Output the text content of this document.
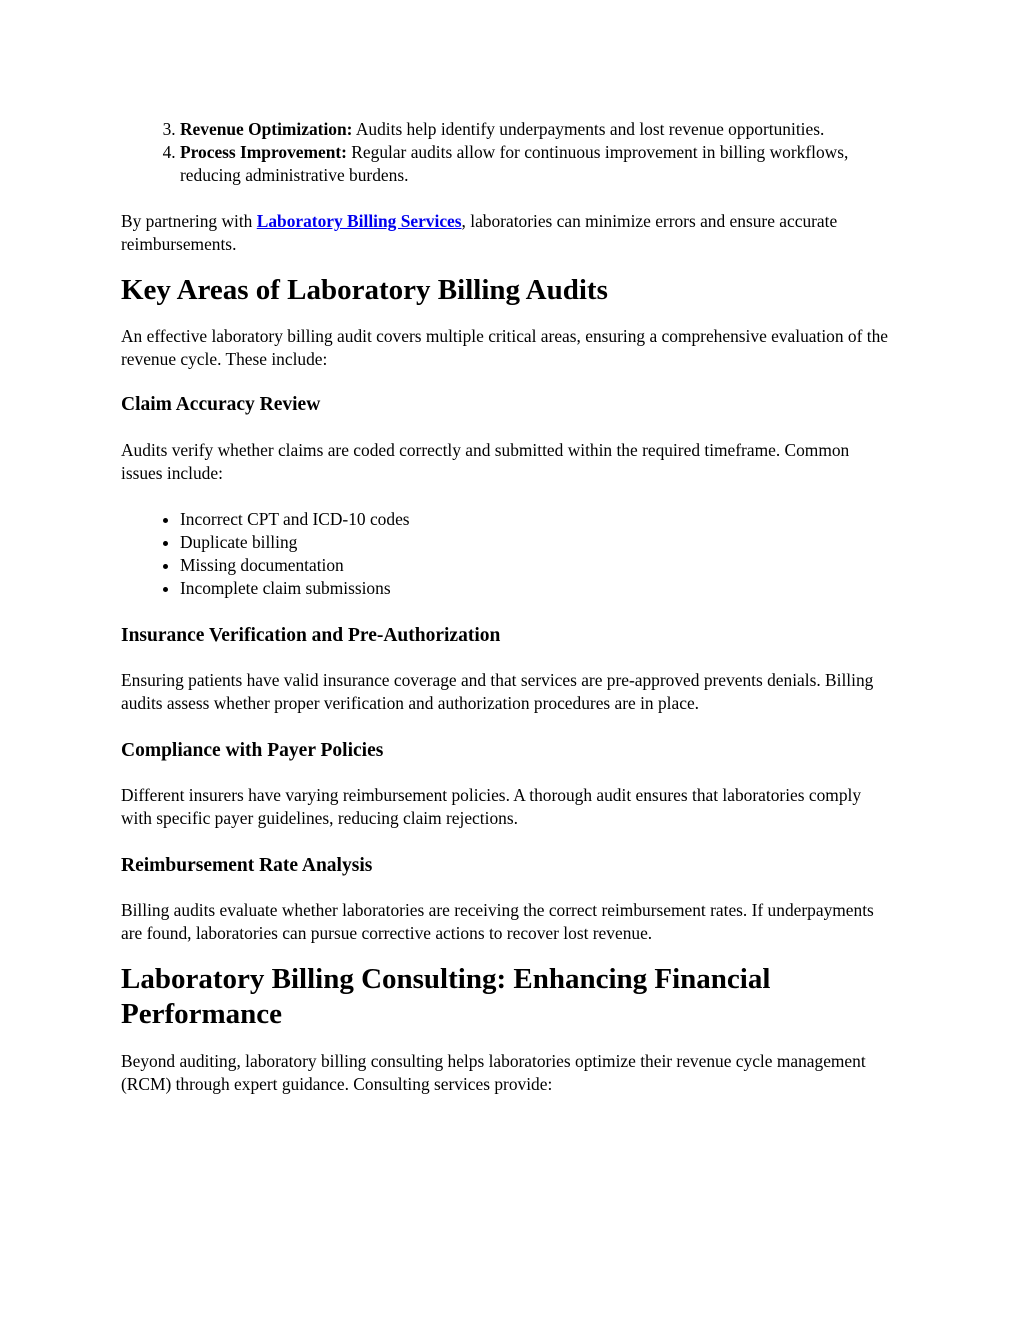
3. Revenue Optimization: Audits help identify underpayments and lost revenue opportunities.
4. Process Improvement: Regular audits allow for continuous improvement in billing workflows, reducing administrative burdens.

By partnering with Laboratory Billing Services, laboratories can minimize errors and ensure accurate reimbursements.

Key Areas of Laboratory Billing Audits

An effective laboratory billing audit covers multiple critical areas, ensuring a comprehensive evaluation of the revenue cycle. These include:

Claim Accuracy Review

Audits verify whether claims are coded correctly and submitted within the required timeframe. Common issues include:

• Incorrect CPT and ICD-10 codes
• Duplicate billing
• Missing documentation
• Incomplete claim submissions
Insurance Verification and Pre-Authorization

Ensuring patients have valid insurance coverage and that services are pre-approved prevents denials. Billing audits assess whether proper verification and authorization procedures are in place.

Compliance with Payer Policies

Different insurers have varying reimbursement policies. A thorough audit ensures that laboratories comply with specific payer guidelines, reducing claim rejections.

Reimbursement Rate Analysis

Billing audits evaluate whether laboratories are receiving the correct reimbursement rates. If underpayments are found, laboratories can pursue corrective actions to recover lost revenue.

Laboratory Billing Consulting: Enhancing Financial Performance

Beyond auditing, laboratory billing consulting helps laboratories optimize their revenue cycle management (RCM) through expert guidance. Consulting services provide:
